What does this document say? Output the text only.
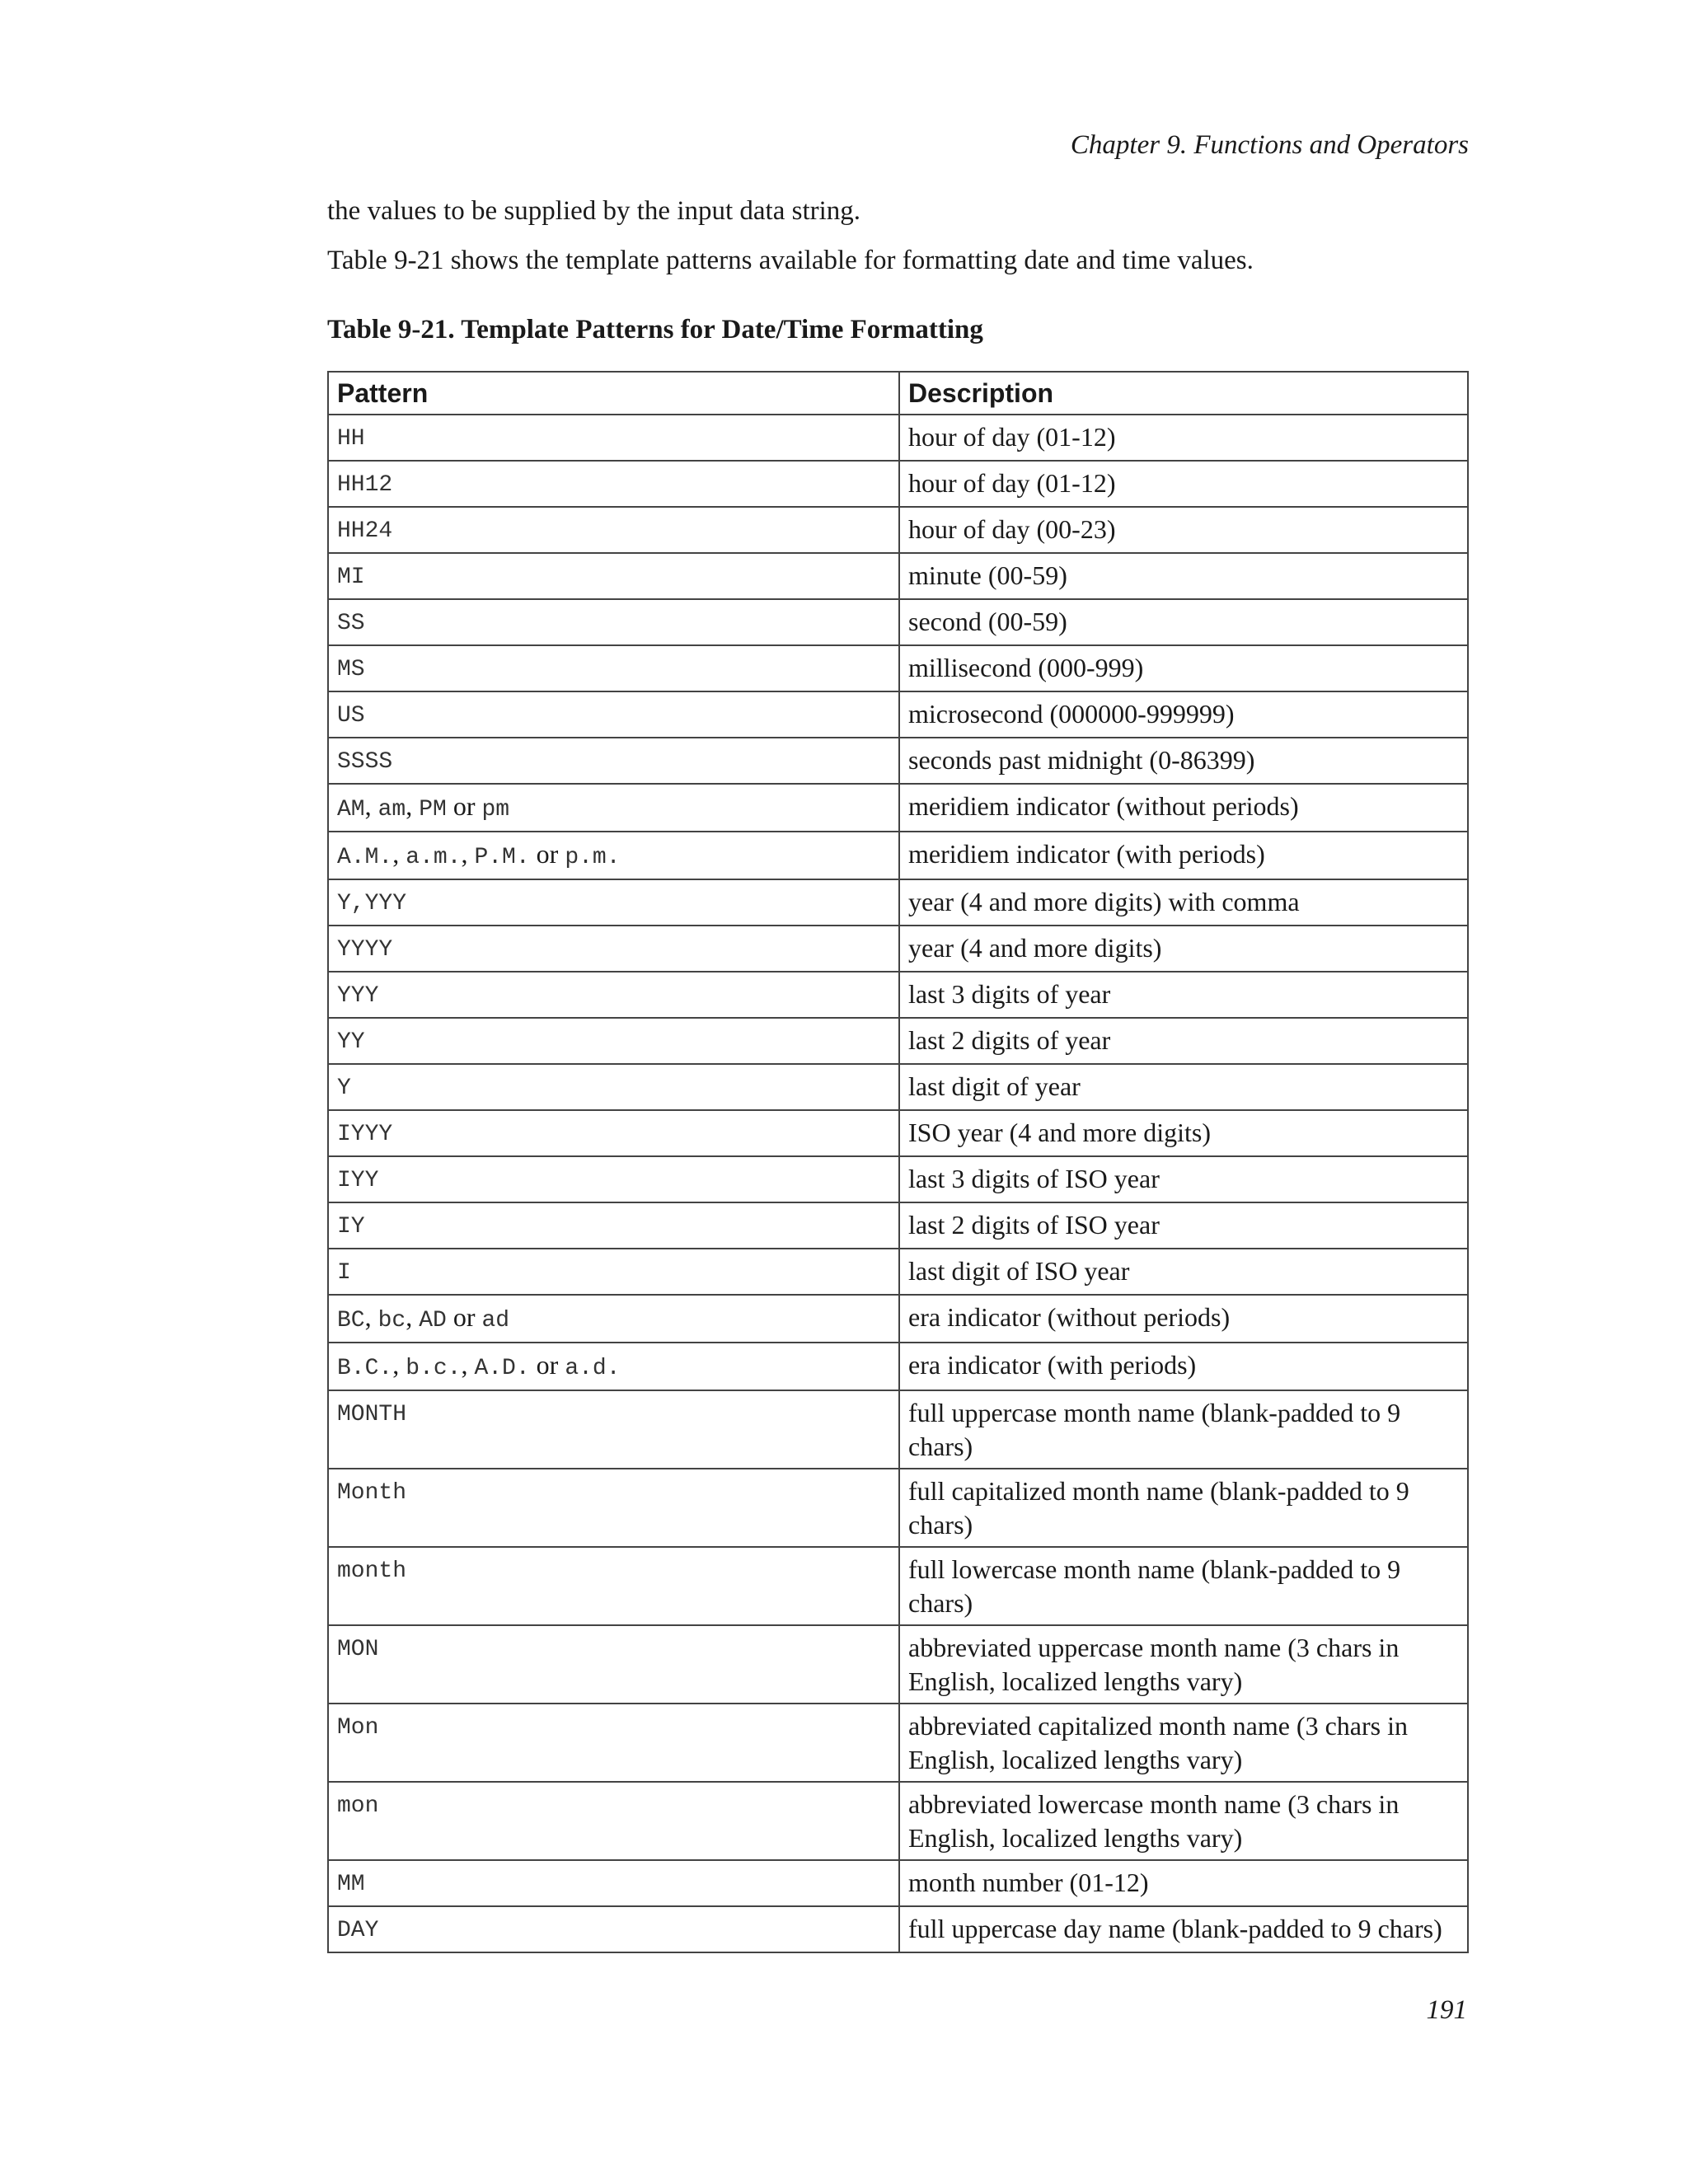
Chapter 9. Functions and Operators

the values to be supplied by the input data string.

Table 9-21 shows the template patterns available for formatting date and time values.

Table 9-21. Template Patterns for Date/Time Formatting
Pattern	Description
HH	hour of day (01-12)
HH12	hour of day (01-12)
HH24	hour of day (00-23)
MI	minute (00-59)
SS	second (00-59)
MS	millisecond (000-999)
US	microsecond (000000-999999)
SSSS	seconds past midnight (0-86399)
AM, am, PM or pm	meridiem indicator (without periods)
A.M., a.m., P.M. or p.m.	meridiem indicator (with periods)
Y,YYY	year (4 and more digits) with comma
YYYY	year (4 and more digits)
YYY	last 3 digits of year
YY	last 2 digits of year
Y	last digit of year
IYYY	ISO year (4 and more digits)
IYY	last 3 digits of ISO year
IY	last 2 digits of ISO year
I	last digit of ISO year
BC, bc, AD or ad	era indicator (without periods)
B.C., b.c., A.D. or a.d.	era indicator (with periods)
MONTH	full uppercase month name (blank-padded to 9 chars)
Month	full capitalized month name (blank-padded to 9 chars)
month	full lowercase month name (blank-padded to 9 chars)
MON	abbreviated uppercase month name (3 chars in English, localized lengths vary)
Mon	abbreviated capitalized month name (3 chars in English, localized lengths vary)
mon	abbreviated lowercase month name (3 chars in English, localized lengths vary)
MM	month number (01-12)
DAY	full uppercase day name (blank-padded to 9 chars)
191
